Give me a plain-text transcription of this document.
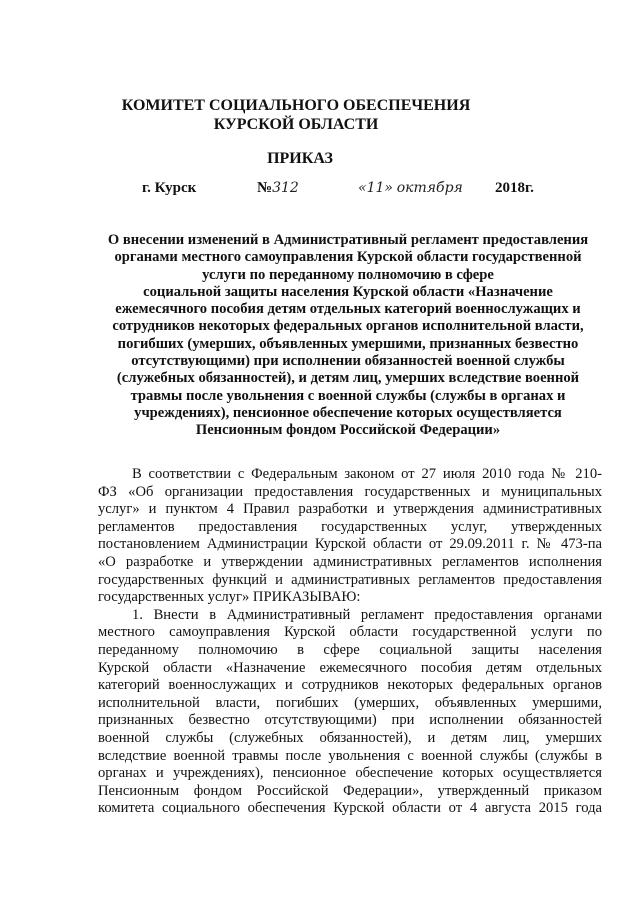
КОМИТЕТ СОЦИАЛЬНОГО ОБЕСПЕЧЕНИЯ
КУРСКОЙ ОБЛАСТИ
ПРИКАЗ
г. Курск	№312	«11» октября 2018г.
О внесении изменений в Административный регламент предоставления
органами местного самоуправления Курской области государственной
услуги по переданному полномочию в сфере
социальной защиты населения Курской области «Назначение
ежемесячного пособия детям отдельных категорий военнослужащих и
сотрудников некоторых федеральных органов исполнительной власти,
погибших (умерших, объявленных умершими, признанных безвестно
отсутствующими) при исполнении обязанностей военной службы
(служебных обязанностей), и детям лиц, умерших вследствие военной
травмы после увольнения с военной службы (службы в органах и
учреждениях), пенсионное обеспечение которых осуществляется
Пенсионным фондом Российской Федерации»
В соответствии с Федеральным законом от 27 июля 2010 года № 210-
ФЗ «Об организации предоставления государственных и муниципальных
услуг» и пунктом 4 Правил разработки и утверждения административных
регламентов предоставления государственных услуг, утвержденных
постановлением Администрации Курской области от 29.09.2011 г. № 473-па
«О разработке и утверждении административных регламентов исполнения
государственных функций и административных регламентов предоставления
государственных услуг» ПРИКАЗЫВАЮ:
1. Внести в Административный регламент предоставления органами
местного самоуправления Курской области государственной услуги по
переданному полномочию в сфере социальной защиты населения
Курской области «Назначение ежемесячного пособия детям отдельных
категорий военнослужащих и сотрудников некоторых федеральных органов
исполнительной власти, погибших (умерших, объявленных умершими,
признанных безвестно отсутствующими) при исполнении обязанностей
военной службы (служебных обязанностей), и детям лиц, умерших
вследствие военной травмы после увольнения с военной службы (службы в
органах и учреждениях), пенсионное обеспечение которых осуществляется
Пенсионным фондом Российской Федерации», утвержденный приказом
комитета социального обеспечения Курской области от 4 августа 2015 года
